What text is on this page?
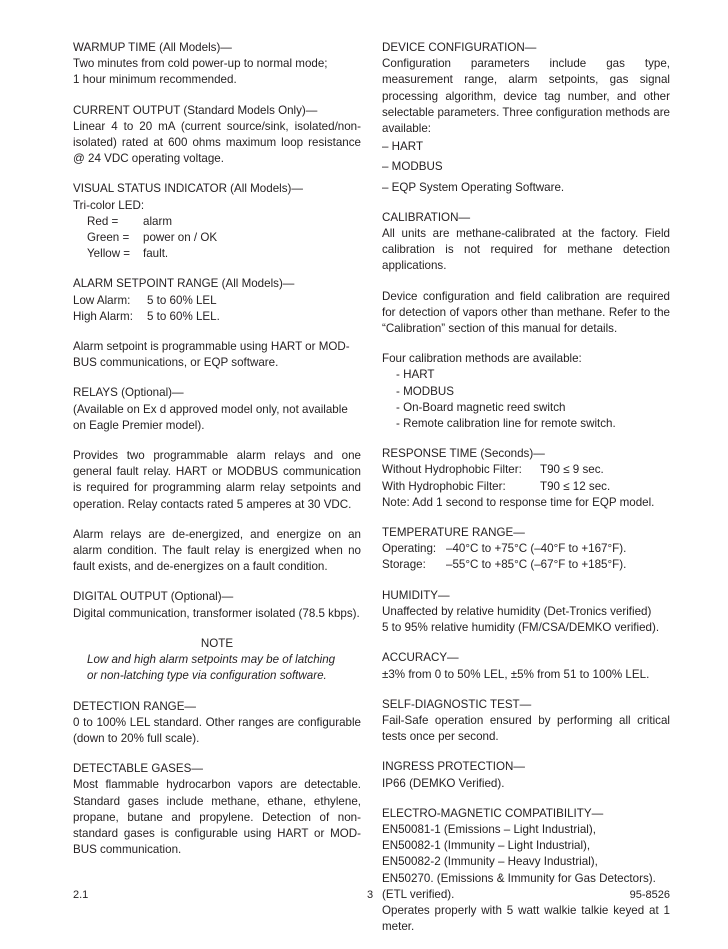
WARMUP TIME (All Models)—

Two minutes from cold power-up to normal mode;

1 hour minimum recommended.

CURRENT OUTPUT (Standard Models Only)—

Linear 4 to 20 mA (current source/sink, isolated/non-isolated) rated at 600 ohms maximum loop resistance @ 24 VDC operating voltage.

VISUAL STATUS INDICATOR (All Models)—

Tri-color LED:

Red =	alarm
Green =	power on / OK
Yellow =	fault.
ALARM SETPOINT RANGE (All Models)—
Low Alarm:	5 to 60% LEL
High Alarm:	5 to 60% LEL.

Alarm setpoint is programmable using HART or MOD-BUS communications, or EQP software.

RELAYS (Optional)—

(Available on Ex d approved model only, not available on Eagle Premier model).

Provides two programmable alarm relays and one general fault relay. HART or MODBUS communication is required for programming alarm relay setpoints and operation. Relay contacts rated 5 amperes at 30 VDC.

Alarm relays are de-energized, and energize on an alarm condition. The fault relay is energized when no fault exists, and de-energizes on a fault condition.

DIGITAL OUTPUT (Optional)—

Digital communication, transformer isolated (78.5 kbps).

NOTE

Low and high alarm setpoints may be of latching

or non-latching type via configuration software.

DETECTION RANGE—

0 to 100% LEL standard. Other ranges are configurable (down to 20% full scale).

DETECTABLE GASES—

Most flammable hydrocarbon vapors are detectable. Standard gases include methane, ethane, ethylene, propane, butane and propylene. Detection of non-standard gases is configurable using HART or MOD-BUS communication.

DEVICE CONFIGURATION—

Configuration parameters include gas type, measurement range, alarm setpoints, gas signal processing algorithm, device tag number, and other selectable parameters. Three configuration methods are available:

– HART

– MODBUS

– EQP System Operating Software.

CALIBRATION—

All units are methane-calibrated at the factory. Field calibration is not required for methane detection applications.

Device configuration and field calibration are required for detection of vapors other than methane. Refer to the “Calibration” section of this manual for details.

Four calibration methods are available:

- HART

- MODBUS

- On-Board magnetic reed switch

- Remote calibration line for remote switch.

RESPONSE TIME (Seconds)—

Without Hydrophobic Filter: T90 ≤ 9 sec.

With Hydrophobic Filter:	T90 ≤ 12 sec.

Note: Add 1 second to response time for EQP model.

TEMPERATURE RANGE—

Operating: –40°C to +75°C (–40°F to +167°F).

Storage: –55°C to +85°C (–67°F to +185°F).

HUMIDITY—

Unaffected by relative humidity (Det-Tronics verified)

5 to 95% relative humidity (FM/CSA/DEMKO verified).

ACCURACY—

±3% from 0 to 50% LEL, ±5% from 51 to 100% LEL.

SELF-DIAGNOSTIC TEST—

Fail-Safe operation ensured by performing all critical tests once per second.

INGRESS PROTECTION—

IP66 (DEMKO Verified).

ELECTRO-MAGNETIC COMPATIBILITY—

EN50081-1 (Emissions – Light Industrial),

EN50082-1 (Immunity – Light Industrial),

EN50082-2 (Immunity – Heavy Industrial),

EN50270. (Emissions & Immunity for Gas Detectors).

(ETL verified).

Operates properly with 5 watt walkie talkie keyed at 1 meter.

2.1	3	95-8526
